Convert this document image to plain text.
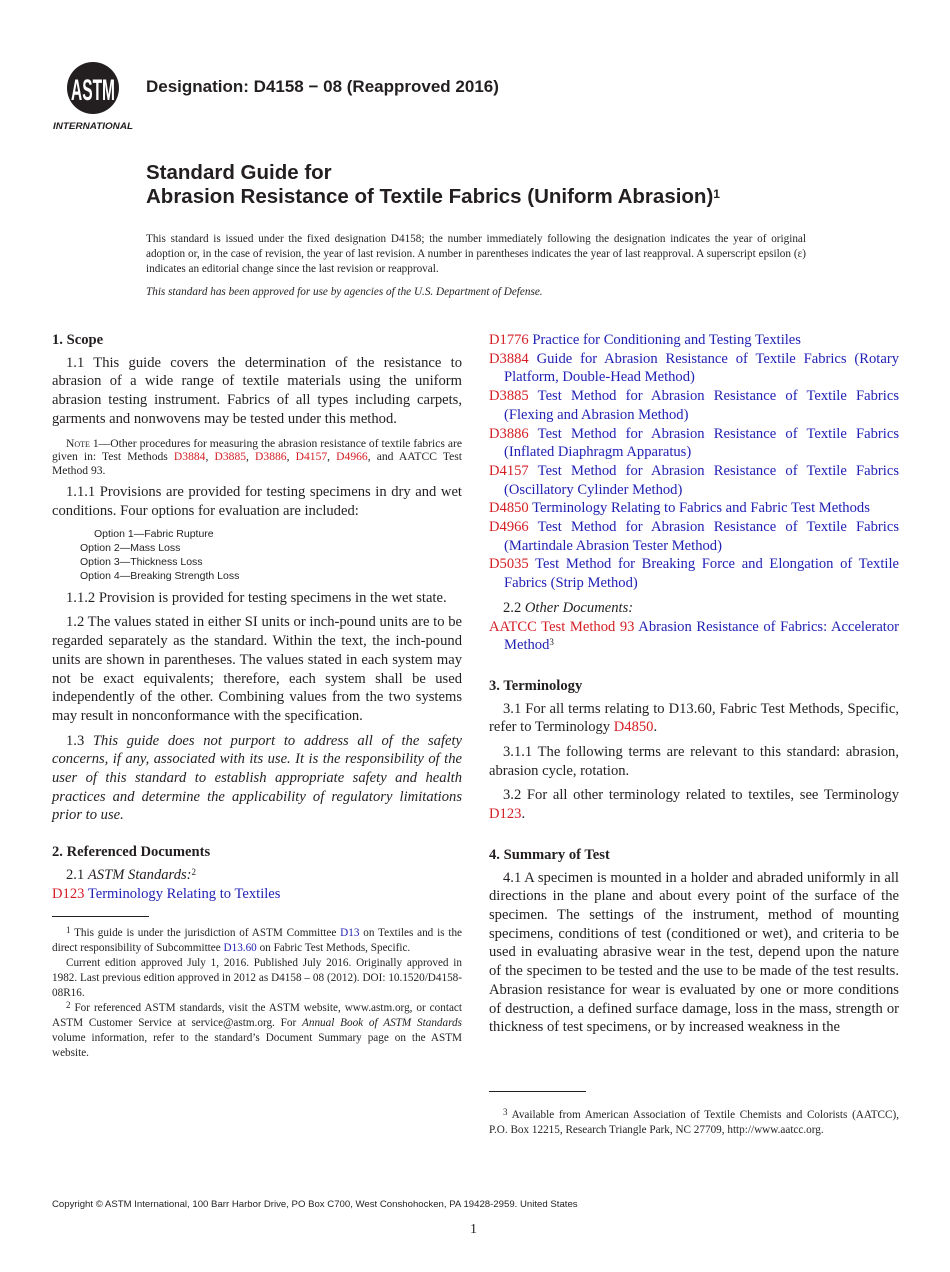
ASTM
INTERNATIONAL
Designation: D4158 − 08 (Reapproved 2016)
Standard Guide for
Abrasion Resistance of Textile Fabrics (Uniform Abrasion)$^1$

This standard is issued under the fixed designation D4158; the number immediately following the designation indicates the year of original adoption or, in the case of revision, the year of last revision. A number in parentheses indicates the year of last reapproval. A superscript epsilon (ε) indicates an editorial change since the last revision or reapproval.

This standard has been approved for use by agencies of the U.S. Department of Defense.

1. Scope

1.1 This guide covers the determination of the resistance to abrasion of a wide range of textile materials using the uniform abrasion testing instrument. Fabrics of all types including carpets, garments and nonwovens may be tested under this method.

Note 1—Other procedures for measuring the abrasion resistance of textile fabrics are given in: Test Methods D3884, D3885, D3886, D4157, D4966, and AATCC Test Method 93.

1.1.1 Provisions are provided for testing specimens in dry and wet conditions. Four options for evaluation are included:

Option 1—Fabric Rupture
Option 2—Mass Loss
Option 3—Thickness Loss
Option 4—Breaking Strength Loss

1.1.2 Provision is provided for testing specimens in the wet state.

1.2 The values stated in either SI units or inch-pound units are to be regarded separately as the standard. Within the text, the inch-pound units are shown in parentheses. The values stated in each system may not be exact equivalents; therefore, each system shall be used independently of the other. Combining values from the two systems may result in nonconformance with the specification.

1.3 This guide does not purport to address all of the safety concerns, if any, associated with its use. It is the responsibility of the user of this standard to establish appropriate safety and health practices and determine the applicability of regulatory limitations prior to use.

2. Referenced Documents

2.1 ASTM Standards:$^2$

D123 Terminology Relating to Textiles

$^1$ This guide is under the jurisdiction of ASTM Committee D13 on Textiles and is the direct responsibility of Subcommittee D13.60 on Fabric Test Methods, Specific.

Current edition approved July 1, 2016. Published July 2016. Originally approved in 1982. Last previous edition approved in 2012 as D4158 – 08 (2012). DOI: 10.1520/D4158-08R16.

$^2$ For referenced ASTM standards, visit the ASTM website, www.astm.org, or contact ASTM Customer Service at service@astm.org. For Annual Book of ASTM Standards volume information, refer to the standard’s Document Summary page on the ASTM website.

D1776 Practice for Conditioning and Testing Textiles

D3884 Guide for Abrasion Resistance of Textile Fabrics (Rotary Platform, Double-Head Method)

D3885 Test Method for Abrasion Resistance of Textile Fabrics (Flexing and Abrasion Method)

D3886 Test Method for Abrasion Resistance of Textile Fabrics (Inflated Diaphragm Apparatus)

D4157 Test Method for Abrasion Resistance of Textile Fabrics (Oscillatory Cylinder Method)

D4850 Terminology Relating to Fabrics and Fabric Test Methods

D4966 Test Method for Abrasion Resistance of Textile Fabrics (Martindale Abrasion Tester Method)

D5035 Test Method for Breaking Force and Elongation of Textile Fabrics (Strip Method)

2.2 Other Documents:

AATCC Test Method 93 Abrasion Resistance of Fabrics: Accelerator Method$^3$

3. Terminology

3.1 For all terms relating to D13.60, Fabric Test Methods, Specific, refer to Terminology D4850.

3.1.1 The following terms are relevant to this standard: abrasion, abrasion cycle, rotation.

3.2 For all other terminology related to textiles, see Terminology D123.

4. Summary of Test

4.1 A specimen is mounted in a holder and abraded uniformly in all directions in the plane and about every point of the surface of the specimen. The settings of the instrument, method of mounting specimens, conditions of test (conditioned or wet), and criteria to be used in evaluating abrasive wear in the test, depend upon the nature of the specimen to be tested and the use to be made of the test results. Abrasion resistance for wear is evaluated by one or more conditions of destruction, a defined surface damage, loss in the mass, strength or thickness of test specimens, or by increased weakness in the

$^3$ Available from American Association of Textile Chemists and Colorists (AATCC), P.O. Box 12215, Research Triangle Park, NC 27709, http://www.aatcc.org.

Copyright © ASTM International, 100 Barr Harbor Drive, PO Box C700, West Conshohocken, PA 19428-2959. United States
1
